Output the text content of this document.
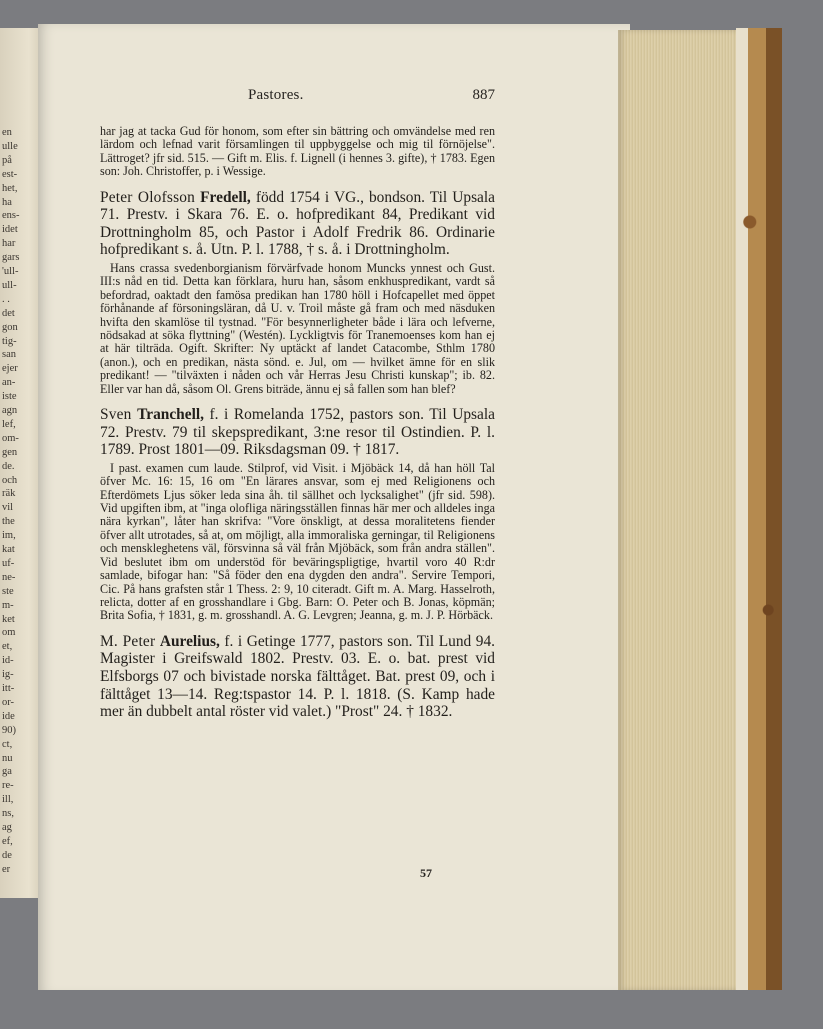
en
ulle
på
est-
het,
ha
ens-
idet
har
gars
'ull-
ull-
. .
det
gon
tig-
san
ejer
an-
iste
agn
lef,
om-
gen
de.
och
räk
vil
the
im,
kat
uf-
ne-
ste
m-
ket
om
et,
id-
ig-
itt-
or-
ide
90)
ct,
nu
ga
re-
ill,
ns,
ag
ef,
de
er
Pastores.	887

har jag at tacka Gud för honom, som efter sin bättring och omvändelse med ren lärdom och lefnad varit församlingen til uppbyggelse och mig til förnöjelse". Lättroget? jfr sid. 515. — Gift m. Elis. f. Lignell (i hennes 3. gifte), † 1783. Egen son: Joh. Christoffer, p. i Wessige.

Peter Olofsson Fredell, född 1754 i VG., bondson. Til Upsala 71. Prestv. i Skara 76. E. o. hofpredikant 84, Predikant vid Drottningholm 85, och Pastor i Adolf Fredrik 86. Ordinarie hofpredikant s. å. Utn. P. l. 1788, † s. å. i Drottningholm.

Hans crassa svedenborgianism förvärfvade honom Muncks ynnest och Gust. III:s nåd en tid. Detta kan förklara, huru han, såsom enkhuspredikant, vardt så befordrad, oaktadt den famösa predikan han 1780 höll i Hofcapellet med öppet förhånande af försoningsläran, då U. v. Troil måste gå fram och med näsduken hvifta den skamlöse til tystnad. "För besynnerligheter både i lära och lefverne, nödsakad at söka flyttning" (Westén). Lyckligtvis för Tranemoenses kom han ej at här tilträda. Ogift. Skrifter: Ny uptäckt af landet Catacombe, Sthlm 1780 (anon.), och en predikan, nästa sönd. e. Jul, om — hvilket ämne för en slik predikant! — "tilväxten i nåden och vår Herras Jesu Christi kunskap"; ib. 82. Eller var han då, såsom Ol. Grens biträde, ännu ej så fallen som han blef?

Sven Tranchell, f. i Romelanda 1752, pastors son. Til Upsala 72. Prestv. 79 til skepspredikant, 3:ne resor til Ostindien. P. l. 1789. Prost 1801—09. Riksdagsman 09. † 1817.

I past. examen cum laude. Stilprof, vid Visit. i Mjöbäck 14, då han höll Tal öfver Mc. 16: 15, 16 om "En lärares ansvar, som ej med Religionens och Efterdömets Ljus söker leda sina åh. til sällhet och lycksalighet" (jfr sid. 598). Vid upgiften ibm, at "inga olofliga näringsställen finnas här mer och alldeles inga nära kyrkan", låter han skrifva: "Vore önskligt, at dessa moralitetens fiender öfver allt utrotades, så at, om möjligt, alla immoraliska gerningar, til Religionens och menskleghetens väl, försvinna så väl från Mjöbäck, som från andra ställen". Vid beslutet ibm om understöd för beväringspligtige, hvartil voro 40 R:dr samlade, bifogar han: "Så föder den ena dygden den andra". Servire Tempori, Cic. På hans grafsten står 1 Thess. 2: 9, 10 citeradt. Gift m. A. Marg. Hasselroth, relicta, dotter af en grosshandlare i Gbg. Barn: O. Peter och B. Jonas, köpmän; Brita Sofia, † 1831, g. m. grosshandl. A. G. Levgren; Jeanna, g. m. J. P. Hörbäck.

M. Peter Aurelius, f. i Getinge 1777, pastors son. Til Lund 94. Magister i Greifswald 1802. Prestv. 03. E. o. bat. prest vid Elfsborgs 07 och bivistade norska fälttåget. Bat. prest 09, och i fälttåget 13—14. Reg:tspastor 14. P. l. 1818. (S. Kamp hade mer än dubbelt antal röster vid valet.) "Prost" 24. † 1832.

57
